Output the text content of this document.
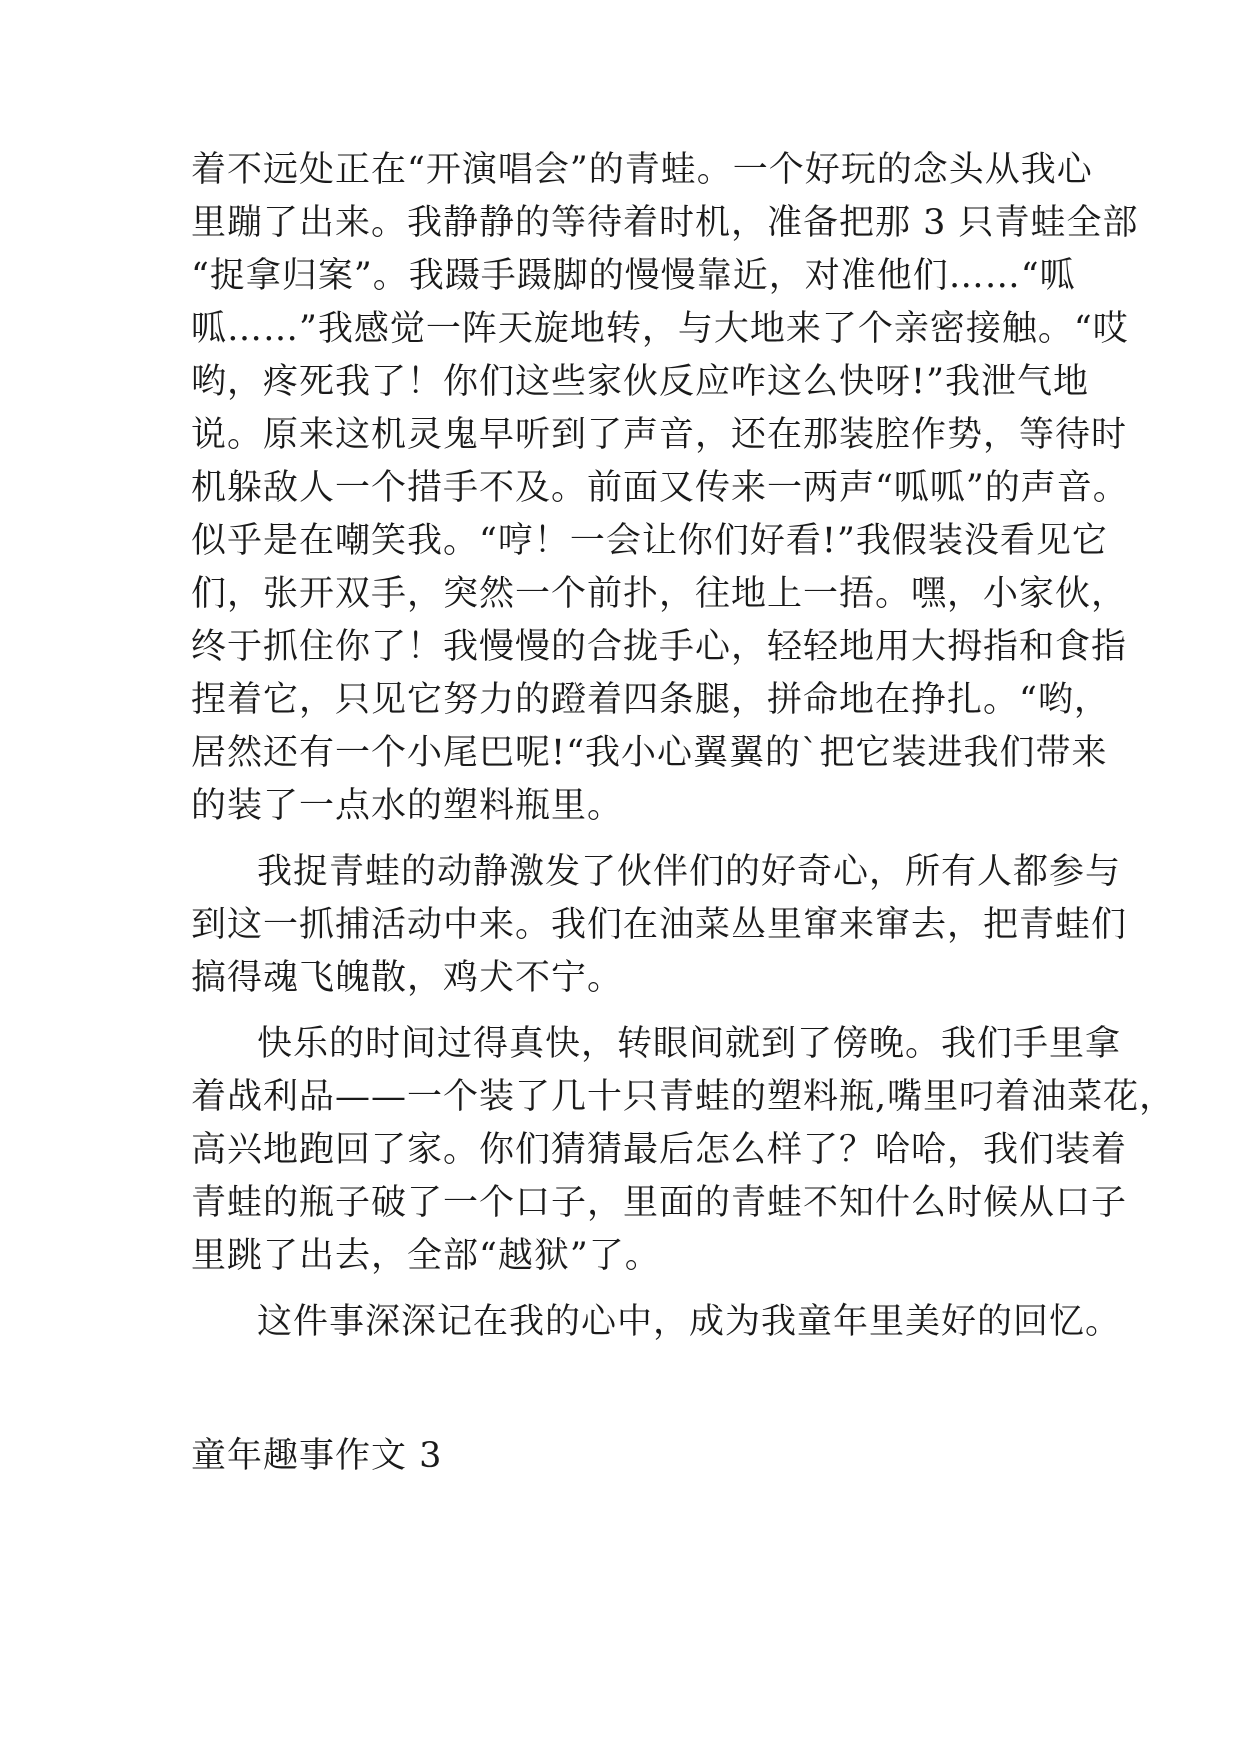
着不远处正在“开演唱会”的青蛙。一个好玩的念头从我心
里蹦了出来。我静静的等待着时机，准备把那 3 只青蛙全部
“捉拿归案”。我蹑手蹑脚的慢慢靠近，对准他们……“呱
呱……”我感觉一阵天旋地转，与大地来了个亲密接触。“哎
哟，疼死我了！你们这些家伙反应咋这么快呀!”我泄气地
说。原来这机灵鬼早听到了声音，还在那装腔作势，等待时
机躲敌人一个措手不及。前面又传来一两声“呱呱”的声音。
似乎是在嘲笑我。“哼！一会让你们好看!”我假装没看见它
们，张开双手，突然一个前扑，往地上一捂。嘿，小家伙，
终于抓住你了！我慢慢的合拢手心，轻轻地用大拇指和食指
捏着它，只见它努力的蹬着四条腿，拼命地在挣扎。“哟，
居然还有一个小尾巴呢!“我小心翼翼的`把它装进我们带来
的装了一点水的塑料瓶里。
我捉青蛙的动静激发了伙伴们的好奇心，所有人都参与
到这一抓捕活动中来。我们在油菜丛里窜来窜去，把青蛙们
搞得魂飞魄散，鸡犬不宁。
快乐的时间过得真快，转眼间就到了傍晚。我们手里拿
着战利品——一个装了几十只青蛙的塑料瓶,嘴里叼着油菜花，
高兴地跑回了家。你们猜猜最后怎么样了？哈哈，我们装着
青蛙的瓶子破了一个口子，里面的青蛙不知什么时候从口子
里跳了出去，全部“越狱”了。
这件事深深记在我的心中，成为我童年里美好的回忆。
童年趣事作文 3
